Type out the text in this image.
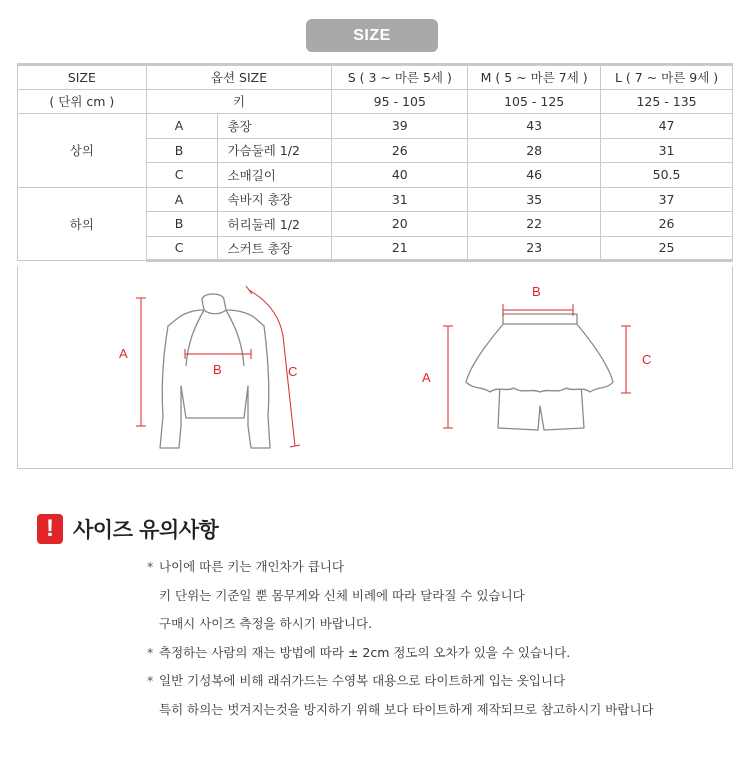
SIZE
SIZE	옵션 SIZE		S ( 3 ~ 마른 5세 )	M ( 5 ~ 마른 7세 )	L ( 7 ~ 마른 9세 )
( 단위 cm )	키		95 - 105	105 - 125	125 - 135
상의	A	총장	39	43	47
	B	가슴둘레 1/2	26	28	31
	C	소매길이	40	46	50.5
하의	A	속바지 총장	31	35	37
	B	허리둘레 1/2	20	22	26
	C	스커트 총장	21	23	25
A
B	C	A
B
C
! 사이즈 유의사항
* 나이에 따른 키는 개인차가 큽니다
키 단위는 기준일 뿐 몸무게와 신체 비례에 따라 달라질 수 있습니다
구매시 사이즈 측정을 하시기 바랍니다.
* 측정하는 사람의 재는 방법에 따라 ± 2cm 정도의 오차가 있을 수 있습니다.
* 일반 기성복에 비해 래쉬가드는 수영복 대용으로 타이트하게 입는 옷입니다
특히 하의는 벗겨지는것을 방지하기 위해 보다 타이트하게 제작되므로 참고하시기 바랍니다
